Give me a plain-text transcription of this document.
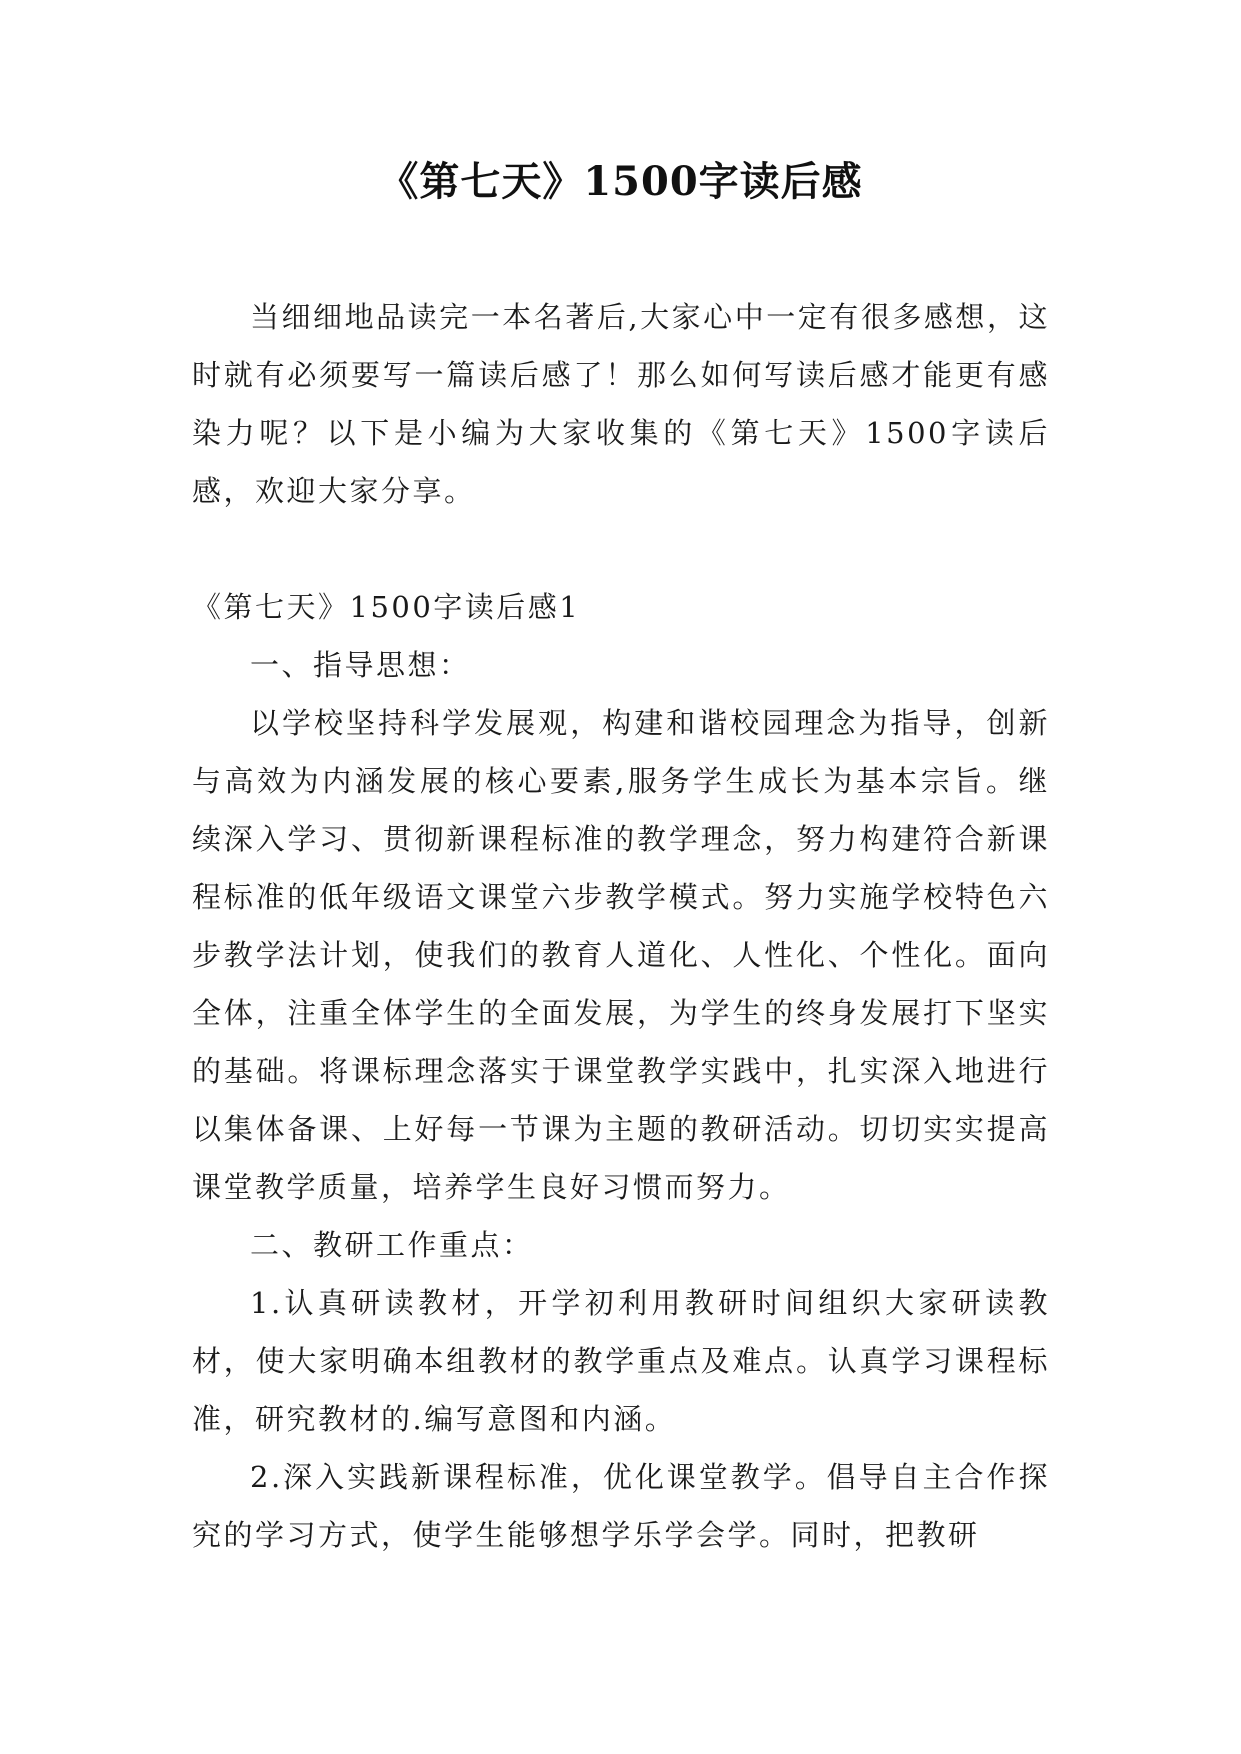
《第七天》1500字读后感

当细细地品读完一本名著后,大家心中一定有很多感想，这时就有必须要写一篇读后感了！那么如何写读后感才能更有感染力呢？以下是小编为大家收集的《第七天》1500字读后感，欢迎大家分享。

《第七天》1500字读后感1

一、指导思想：

以学校坚持科学发展观，构建和谐校园理念为指导，创新与高效为内涵发展的核心要素,服务学生成长为基本宗旨。继续深入学习、贯彻新课程标准的教学理念，努力构建符合新课程标准的低年级语文课堂六步教学模式。努力实施学校特色六步教学法计划，使我们的教育人道化、人性化、个性化。面向全体，注重全体学生的全面发展，为学生的终身发展打下坚实的基础。将课标理念落实于课堂教学实践中，扎实深入地进行以集体备课、上好每一节课为主题的教研活动。切切实实提高课堂教学质量，培养学生良好习惯而努力。

二、教研工作重点：

1.认真研读教材，开学初利用教研时间组织大家研读教材，使大家明确本组教材的教学重点及难点。认真学习课程标准，研究教材的.编写意图和内涵。

2.深入实践新课程标准，优化课堂教学。倡导自主合作探究的学习方式，使学生能够想学乐学会学。同时，把教研
